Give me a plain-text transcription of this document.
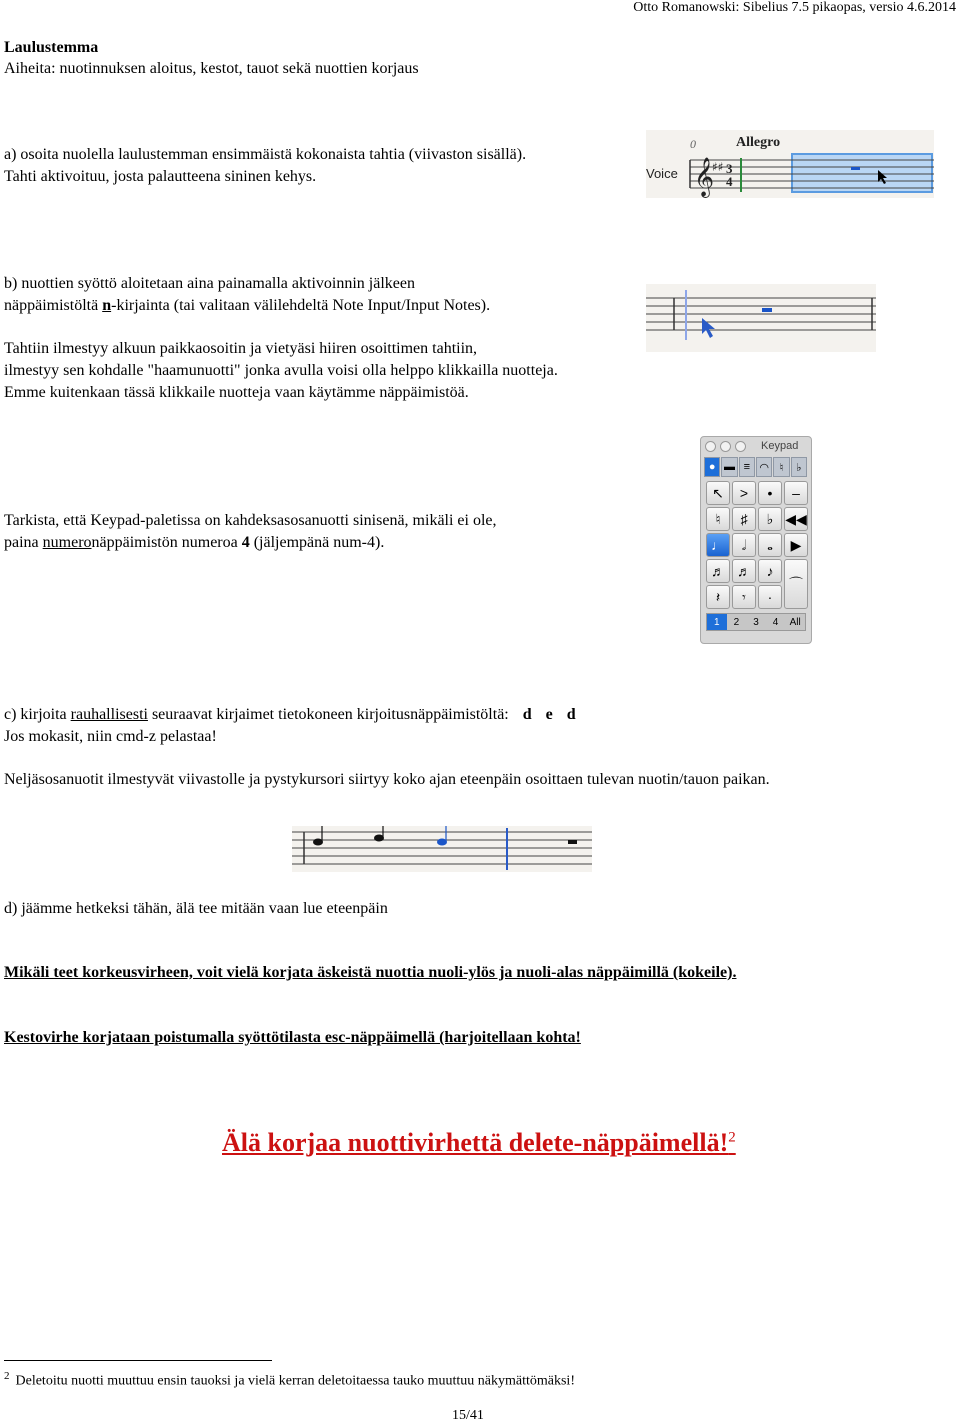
Otto Romanowski: Sibelius 7.5 pikaopas, versio 4.6.2014
Laulustemma
Aiheita: nuotinnuksen aloitus, kestot, tauot sekä nuottien korjaus
a) osoita nuolella laulustemman ensimmäistä kokonaista tahtia (viivaston sisällä).
Tahti aktivoituu, josta palautteena sininen kehys.	Voice
0	Allegro
𝄞
♯♯ 3
4
b) nuottien syöttö aloitetaan aina painamalla aktivoinnin jälkeen
näppäimistöltä n-kirjainta (tai valitaan välilehdeltä Note Input/Input Notes).
Tahtiin ilmestyy alkuun paikkaosoitin ja vietyäsi hiiren osoittimen tahtiin,
ilmestyy sen kohdalle "haamunuotti" jonka avulla voisi olla helppo klikkailla nuotteja.
Emme kuitenkaan tässä klikkaile nuotteja vaan käytämme näppäimistöä.
Keypad
● ▬ ≡ ◠ ♮	♭
↖	>	•	–
♮	♯	♭ ◀◀
♩	𝅗𝅥	𝅝	▶
♬ ♬	♪
⌒
𝄽	𝄾	·
1	2	3	4	All
Tarkista, että Keypad-paletissa on kahdeksasosanuotti sinisenä, mikäli ei ole,
paina numeronäppäimistön numeroa 4 (jäljempänä num-4).
c) kirjoita rauhallisesti seuraavat kirjaimet tietokoneen kirjoitusnäppäimistöltä: d e d
Jos mokasit, niin cmd-z pelastaa!
Neljäsosanuotit ilmestyvät viivastolle ja pystykursori siirtyy koko ajan eteenpäin osoittaen tulevan nuotin/tauon paikan.
d) jäämme hetkeksi tähän, älä tee mitään vaan lue eteenpäin
Mikäli teet korkeusvirheen, voit vielä korjata äskeistä nuottia nuoli-ylös ja nuoli-alas näppäimillä (kokeile).
Kestovirhe korjataan poistumalla syöttötilasta esc-näppäimellä (harjoitellaan kohta!
Älä korjaa nuottivirhettä delete-näppäimellä!$^2$
$^2$ Deletoitu nuotti muuttuu ensin tauoksi ja vielä kerran deletoitaessa tauko muuttuu näkymättömäksi!
15/41
